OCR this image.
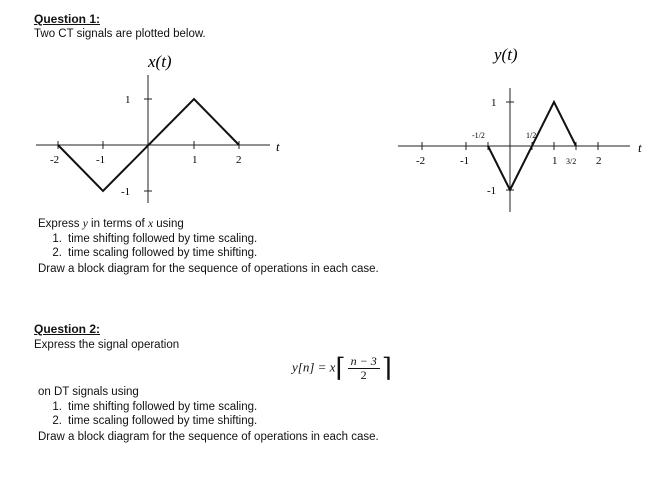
Question 1:
Two CT signals are plotted below.
x(t)
-2	-1	1	2
1
-1
t
y(t)
-2	-1	1	2
-1/2	1/2
3/2
1
-1
t
Express y in terms of x using
1. time shifting followed by time scaling.
2. time scaling followed by time shifting.
Draw a block diagram for the sequence of operations in each case.
Question 2:
Express the signal operation
y[n] = x⌈ $\frac{n - 3}{2}$ ⌉
on DT signals using
1. time shifting followed by time scaling.
2. time scaling followed by time shifting.
Draw a block diagram for the sequence of operations in each case.
